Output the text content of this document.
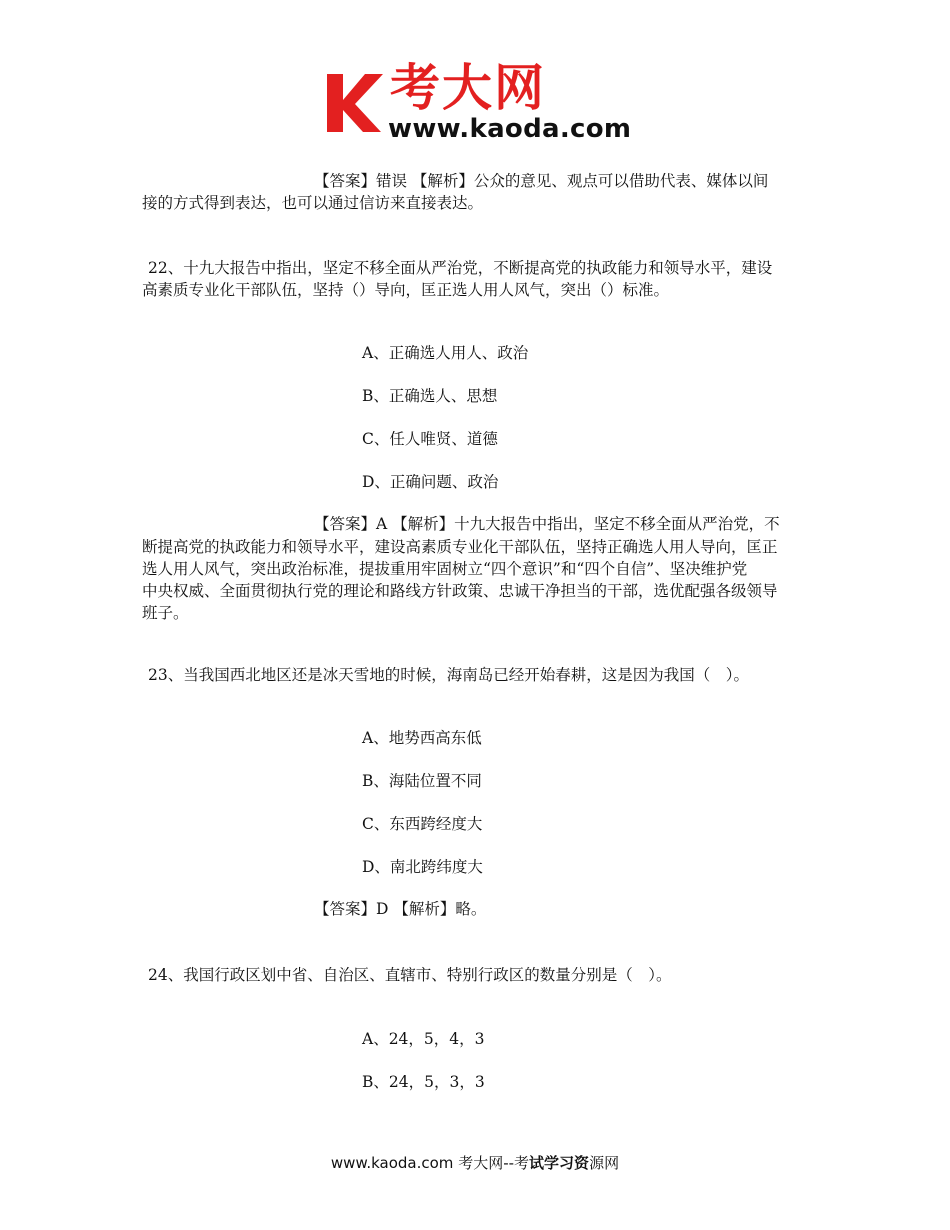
考大网
www.kaoda.com
【答案】错误 【解析】公众的意见、观点可以借助代表、媒体以间
接的方式得到表达，也可以通过信访来直接表达。
22、十九大报告中指出，坚定不移全面从严治党，不断提高党的执政能力和领导水平，建设
高素质专业化干部队伍，坚持（）导向，匡正选人用人风气，突出（）标准。
A、正确选人用人、政治
B、正确选人、思想
C、任人唯贤、道德
D、正确问题、政治
【答案】A 【解析】十九大报告中指出，坚定不移全面从严治党，不
断提高党的执政能力和领导水平，建设高素质专业化干部队伍，坚持正确选人用人导向，匡正
选人用人风气，突出政治标准，提拔重用牢固树立“四个意识”和“四个自信”、坚决维护党
中央权威、全面贯彻执行党的理论和路线方针政策、忠诚干净担当的干部，选优配强各级领导
班子。
23、当我国西北地区还是冰天雪地的时候，海南岛已经开始春耕，这是因为我国（　）。
A、地势西高东低
B、海陆位置不同
C、东西跨经度大
D、南北跨纬度大
【答案】D 【解析】略。
24、我国行政区划中省、自治区、直辖市、特别行政区的数量分别是（　）。
A、24，5，4，3
B、24，5，3，3
www.kaoda.com 考大网--考试学习资源网
